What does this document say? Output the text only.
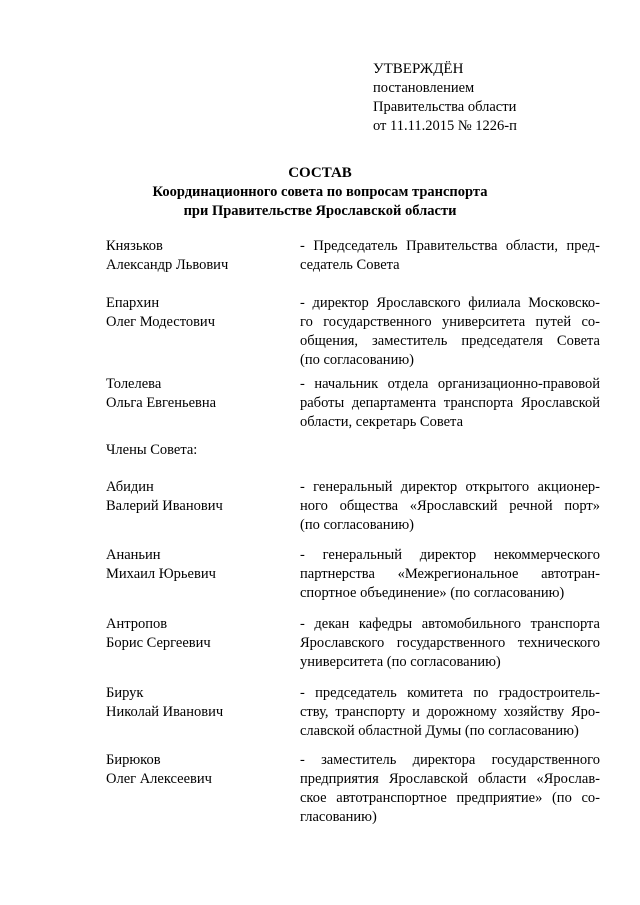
УТВЕРЖДЁН
постановлением
Правительства области
от 11.11.2015 № 1226-п
СОСТАВ
Координационного совета по вопросам транспорта
при Правительстве Ярославской области
Князьков
Александр Львович
- Председатель Правительства области, пред-
седатель Совета
Епархин
Олег Модестович
- директор Ярославского филиала Московско-
го государственного университета путей со-
общения, заместитель председателя Совета
(по согласованию)
Толелева
Ольга Евгеньевна
- начальник отдела организационно-правовой
работы департамента транспорта Ярославской
области, секретарь Совета
Члены Совета:
Абидин
Валерий Иванович
- генеральный директор открытого акционер-
ного общества «Ярославский речной порт»
(по согласованию)
Ананьин
Михаил Юрьевич
- генеральный директор некоммерческого
партнерства «Межрегиональное автотран-
спортное объединение» (по согласованию)
Антропов
Борис Сергеевич
- декан кафедры автомобильного транспорта
Ярославского государственного технического
университета (по согласованию)
Бирук
Николай Иванович
- председатель комитета по градостроитель-
ству, транспорту и дорожному хозяйству Яро-
славской областной Думы (по согласованию)
Бирюков
Олег Алексеевич
- заместитель директора государственного
предприятия Ярославской области «Ярослав-
ское автотранспортное предприятие» (по со-
гласованию)
